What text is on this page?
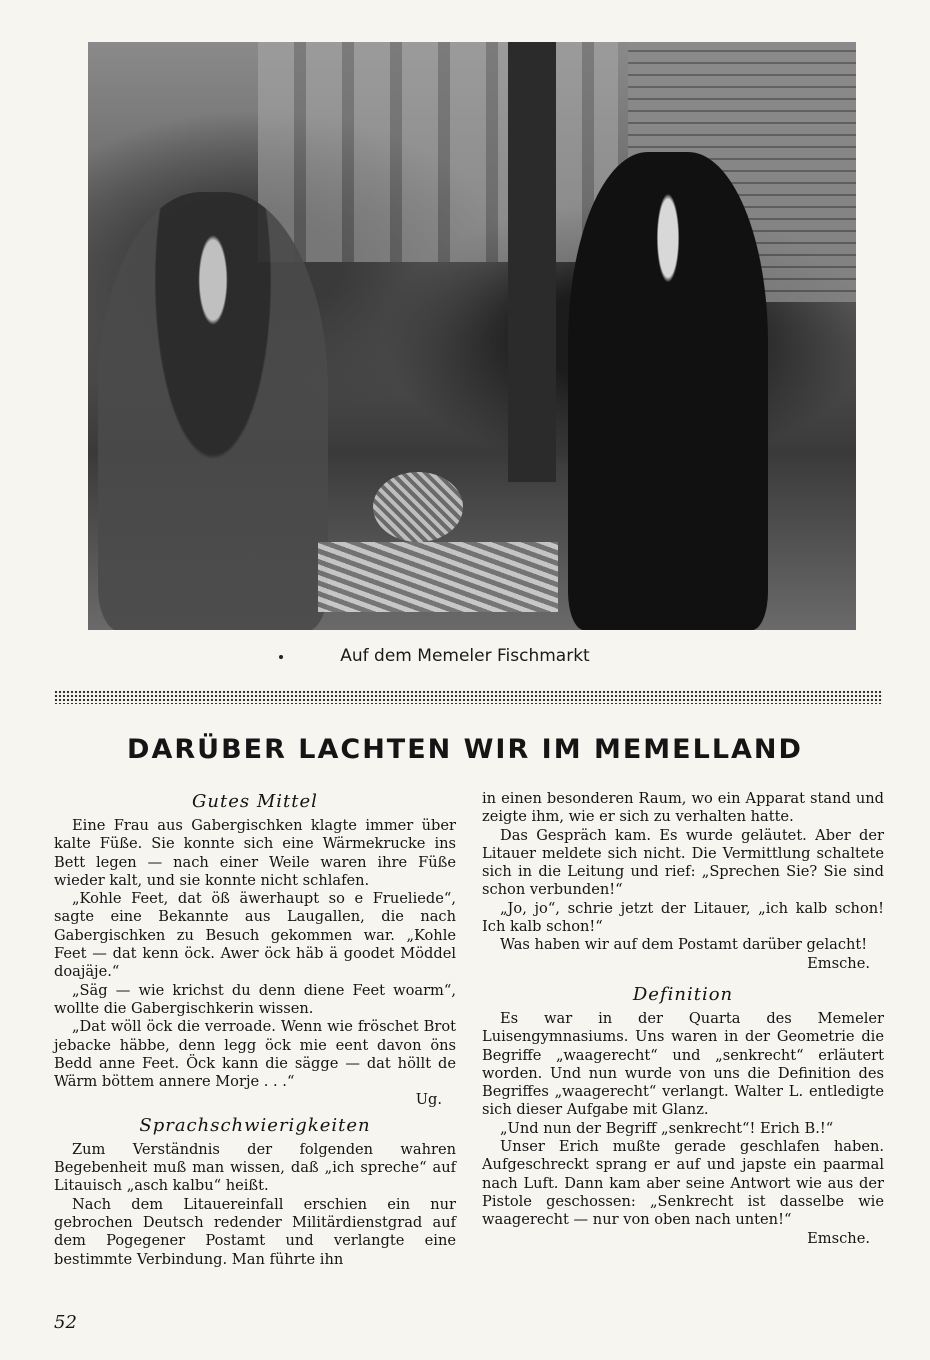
Auf dem Memeler Fischmarkt
DARÜBER LACHTEN WIR IM MEMELLAND
Gutes Mittel

Eine Frau aus Gabergischken klagte immer über kalte Füße. Sie konnte sich eine Wärmekrucke ins Bett legen — nach einer Weile waren ihre Füße wieder kalt, und sie konnte nicht schlafen.

„Kohle Feet, dat öß äwerhaupt so e Frueliede“, sagte eine Bekannte aus Laugallen, die nach Gabergischken zu Besuch gekommen war. „Kohle Feet — dat kenn öck. Awer öck häb ä goodet Möddel doajäje.“

„Säg — wie krichst du denn diene Feet woarm“, wollte die Gabergischkerin wissen.

„Dat wöll öck die verroade. Wenn wie fröschet Brot jebacke häbbe, denn legg öck mie eent davon öns Bedd anne Feet. Öck kann die sägge — dat höllt de Wärm böttem annere Morje . . .“

Ug.
Sprachschwierigkeiten

Zum Verständnis der folgenden wahren Begebenheit muß man wissen, daß „ich spreche“ auf Litauisch „asch kalbu“ heißt.

Nach dem Litauereinfall erschien ein nur gebrochen Deutsch redender Militärdienstgrad auf dem Pogegener Postamt und verlangte eine bestimmte Verbindung. Man führte ihn

in einen besonderen Raum, wo ein Apparat stand und zeigte ihm, wie er sich zu verhalten hatte.

Das Gespräch kam. Es wurde geläutet. Aber der Litauer meldete sich nicht. Die Vermittlung schaltete sich in die Leitung und rief: „Sprechen Sie? Sie sind schon verbunden!“

„Jo, jo“, schrie jetzt der Litauer, „ich kalb schon! Ich kalb schon!“

Was haben wir auf dem Postamt darüber gelacht!

Emsche.
Definition

Es war in der Quarta des Memeler Luisengymnasiums. Uns waren in der Geometrie die Begriffe „waagerecht“ und „senkrecht“ erläutert worden. Und nun wurde von uns die Definition des Begriffes „waagerecht“ verlangt. Walter L. entledigte sich dieser Aufgabe mit Glanz.

„Und nun der Begriff „senkrecht“! Erich B.!“

Unser Erich mußte gerade geschlafen haben. Aufgeschreckt sprang er auf und japste ein paarmal nach Luft. Dann kam aber seine Antwort wie aus der Pistole geschossen: „Senkrecht ist dasselbe wie waagerecht — nur von oben nach unten!“

Emsche.
52
